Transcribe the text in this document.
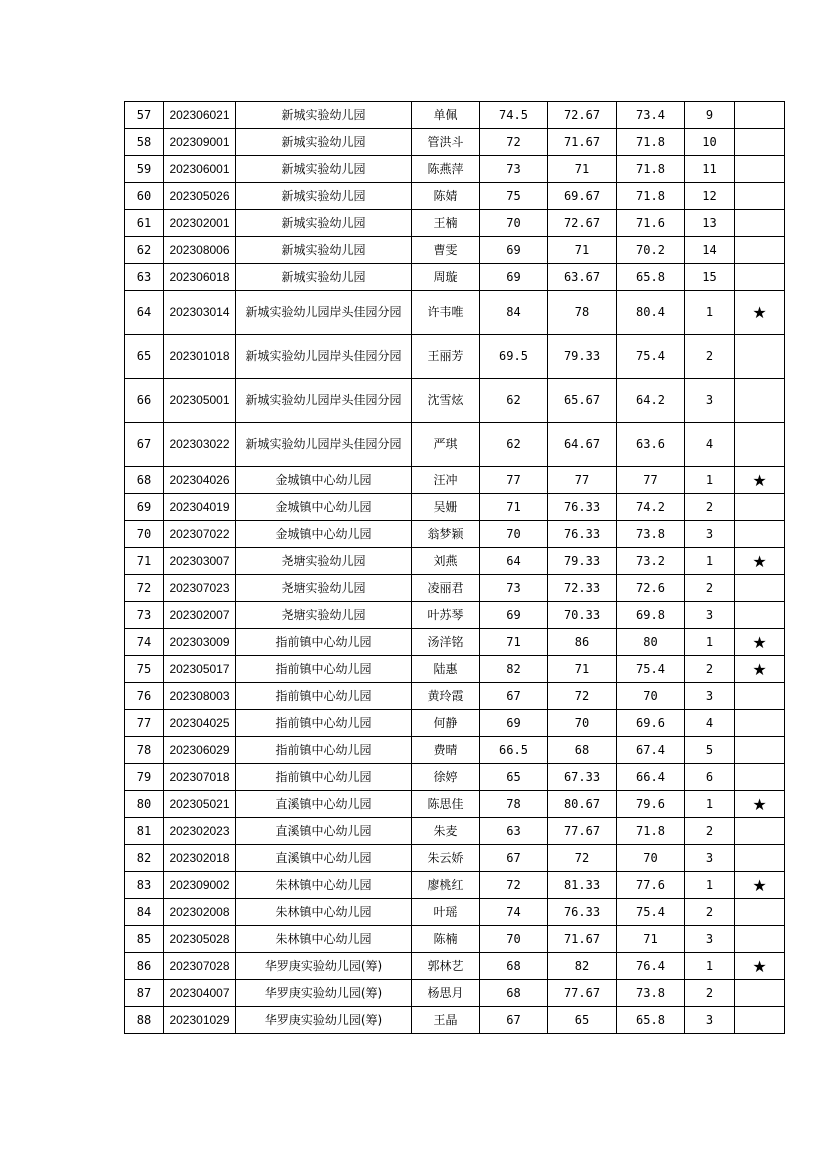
57	202306021	新城实验幼儿园	单佩	74.5	72.67	73.4	9	
58	202309001	新城实验幼儿园	管洪斗	72	71.67	71.8	10	
59	202306001	新城实验幼儿园	陈燕萍	73	71	71.8	11	
60	202305026	新城实验幼儿园	陈婧	75	69.67	71.8	12	
61	202302001	新城实验幼儿园	王楠	70	72.67	71.6	13	
62	202308006	新城实验幼儿园	曹雯	69	71	70.2	14	
63	202306018	新城实验幼儿园	周璇	69	63.67	65.8	15	
64	202303014	新城实验幼儿园岸头佳园分园	许韦唯	84	78	80.4	1	★
65	202301018	新城实验幼儿园岸头佳园分园	王丽芳	69.5	79.33	75.4	2	
66	202305001	新城实验幼儿园岸头佳园分园	沈雪炫	62	65.67	64.2	3	
67	202303022	新城实验幼儿园岸头佳园分园	严琪	62	64.67	63.6	4	
68	202304026	金城镇中心幼儿园	汪冲	77	77	77	1	★
69	202304019	金城镇中心幼儿园	吴姗	71	76.33	74.2	2	
70	202307022	金城镇中心幼儿园	翁梦颖	70	76.33	73.8	3	
71	202303007	尧塘实验幼儿园	刘燕	64	79.33	73.2	1	★
72	202307023	尧塘实验幼儿园	凌丽君	73	72.33	72.6	2	
73	202302007	尧塘实验幼儿园	叶苏琴	69	70.33	69.8	3	
74	202303009	指前镇中心幼儿园	汤洋铭	71	86	80	1	★
75	202305017	指前镇中心幼儿园	陆惠	82	71	75.4	2	★
76	202308003	指前镇中心幼儿园	黄玲霞	67	72	70	3	
77	202304025	指前镇中心幼儿园	何静	69	70	69.6	4	
78	202306029	指前镇中心幼儿园	费晴	66.5	68	67.4	5	
79	202307018	指前镇中心幼儿园	徐婷	65	67.33	66.4	6	
80	202305021	直溪镇中心幼儿园	陈思佳	78	80.67	79.6	1	★
81	202302023	直溪镇中心幼儿园	朱麦	63	77.67	71.8	2	
82	202302018	直溪镇中心幼儿园	朱云娇	67	72	70	3	
83	202309002	朱林镇中心幼儿园	廖桃红	72	81.33	77.6	1	★
84	202302008	朱林镇中心幼儿园	叶瑶	74	76.33	75.4	2	
85	202305028	朱林镇中心幼儿园	陈楠	70	71.67	71	3	
86	202307028	华罗庚实验幼儿园(筹)	郭林艺	68	82	76.4	1	★
87	202304007	华罗庚实验幼儿园(筹)	杨思月	68	77.67	73.8	2	
88	202301029	华罗庚实验幼儿园(筹)	王晶	67	65	65.8	3	
